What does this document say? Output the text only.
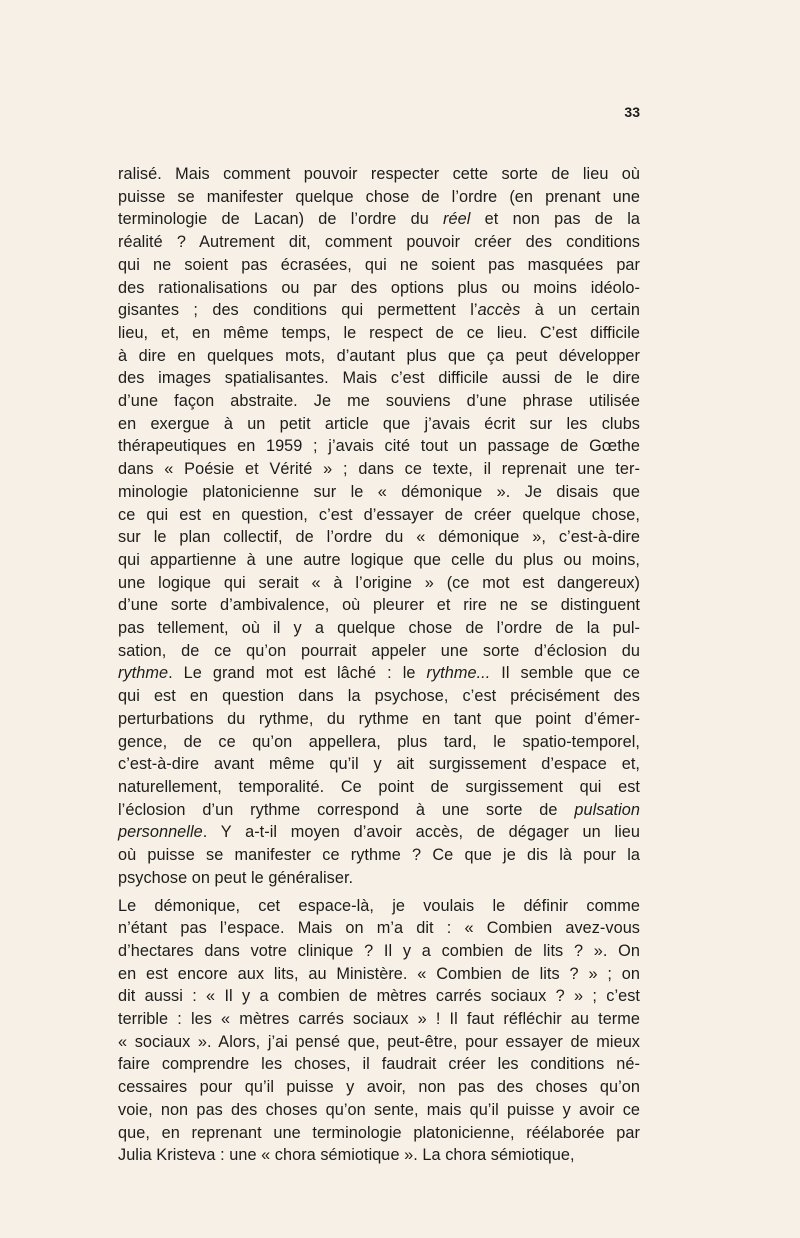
33

ralisé. Mais comment pouvoir respecter cette sorte de lieu où
puisse se manifester quelque chose de l’ordre (en prenant une
terminologie de Lacan) de l’ordre du réel et non pas de la
réalité ? Autrement dit, comment pouvoir créer des conditions
qui ne soient pas écrasées, qui ne soient pas masquées par
des rationalisations ou par des options plus ou moins idéolo-
gisantes ; des conditions qui permettent l’accès à un certain
lieu, et, en même temps, le respect de ce lieu. C’est difficile
à dire en quelques mots, d’autant plus que ça peut développer
des images spatialisantes. Mais c’est difficile aussi de le dire
d’une façon abstraite. Je me souviens d’une phrase utilisée
en exergue à un petit article que j’avais écrit sur les clubs
thérapeutiques en 1959 ; j’avais cité tout un passage de Gœthe
dans « Poésie et Vérité » ; dans ce texte, il reprenait une ter-
minologie platonicienne sur le « démonique ». Je disais que
ce qui est en question, c’est d’essayer de créer quelque chose,
sur le plan collectif, de l’ordre du « démonique », c’est-à-dire
qui appartienne à une autre logique que celle du plus ou moins,
une logique qui serait « à l’origine » (ce mot est dangereux)
d’une sorte d’ambivalence, où pleurer et rire ne se distinguent
pas tellement, où il y a quelque chose de l’ordre de la pul-
sation, de ce qu’on pourrait appeler une sorte d’éclosion du
rythme. Le grand mot est lâché : le rythme... Il semble que ce
qui est en question dans la psychose, c’est précisément des
perturbations du rythme, du rythme en tant que point d’émer-
gence, de ce qu’on appellera, plus tard, le spatio-temporel,
c’est-à-dire avant même qu’il y ait surgissement d’espace et,
naturellement, temporalité. Ce point de surgissement qui est
l’éclosion d’un rythme correspond à une sorte de pulsation
personnelle. Y a-t-il moyen d’avoir accès, de dégager un lieu
où puisse se manifester ce rythme ? Ce que je dis là pour la
psychose on peut le généraliser.

Le démonique, cet espace-là, je voulais le définir comme
n’étant pas l’espace. Mais on m’a dit : « Combien avez-vous
d’hectares dans votre clinique ? Il y a combien de lits ? ». On
en est encore aux lits, au Ministère. « Combien de lits ? » ; on
dit aussi : « Il y a combien de mètres carrés sociaux ? » ; c’est
terrible : les « mètres carrés sociaux » ! Il faut réfléchir au terme
« sociaux ». Alors, j’ai pensé que, peut-être, pour essayer de mieux
faire comprendre les choses, il faudrait créer les conditions né-
cessaires pour qu’il puisse y avoir, non pas des choses qu’on
voie, non pas des choses qu’on sente, mais qu’il puisse y avoir ce
que, en reprenant une terminologie platonicienne, réélaborée par
Julia Kristeva : une « chora sémiotique ». La chora sémiotique,
